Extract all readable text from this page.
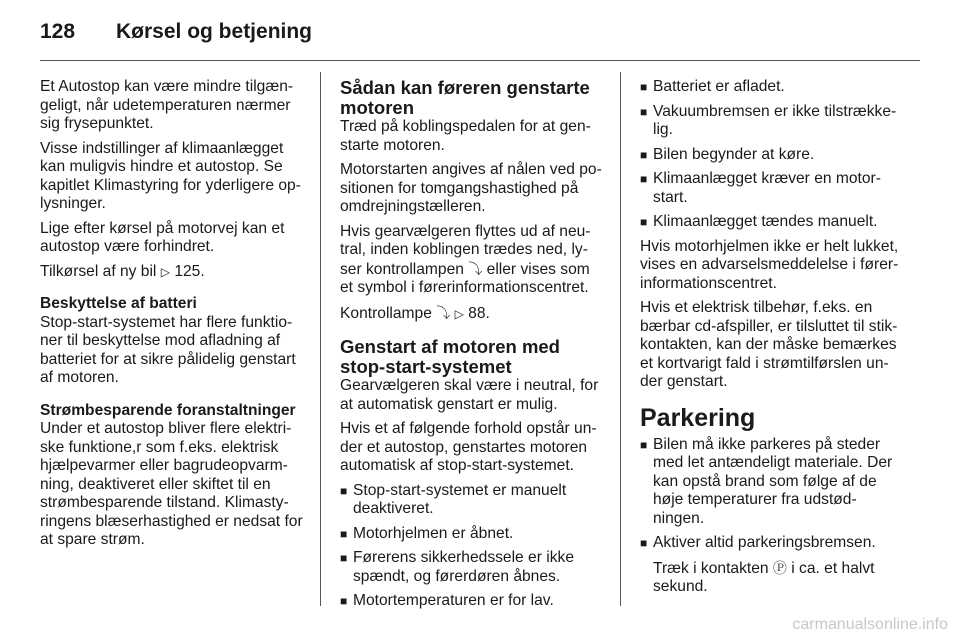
128 Kørsel og betjening

Et Autostop kan være mindre tilgæn-geligt, når udetemperaturen nærmer sig frysepunktet.

Visse indstillinger af klimaanlægget kan muligvis hindre et autostop. Se kapitlet Klimastyring for yderligere op-lysninger.

Lige efter kørsel på motorvej kan et autostop være forhindret.

Tilkørsel af ny bil ▷ 125.

Beskyttelse af batteri

Stop-start-systemet har flere funktio-ner til beskyttelse mod afladning af batteriet for at sikre pålidelig genstart af motoren.

Strømbesparende foranstaltninger

Under et autostop bliver flere elektri-ske funktione,r som f.eks. elektrisk hjælpevarmer eller bagrudeopvarm-ning, deaktiveret eller skiftet til en strømbesparende tilstand. Klimasty-ringens blæserhastighed er nedsat for at spare strøm.

Sådan kan føreren genstarte motoren

Træd på koblingspedalen for at gen-starte motoren.

Motorstarten angives af nålen ved po-sitionen for tomgangshastighed på omdrejningstælleren.

Hvis gearvælgeren flyttes ud af neu-tral, inden koblingen trædes ned, ly-ser kontrollampen ⤵ eller vises som et symbol i førerinformationscentret.

Kontrollampe ⤵ ▷ 88.

Genstart af motoren med stop-start-systemet

Gearvælgeren skal være i neutral, for at automatisk genstart er mulig.

Hvis et af følgende forhold opstår un-der et autostop, genstartes motoren automatisk af stop-start-systemet.

■ Stop-start-systemet er manuelt deaktiveret.
■ Motorhjelmen er åbnet.
■ Førerens sikkerhedssele er ikke spændt, og førerdøren åbnes.
■ Motortemperaturen er for lav.
■ Batteriet er afladet.
■ Vakuumbremsen er ikke tilstrække-lig.
■ Bilen begynder at køre.
■ Klimaanlægget kræver en motor-start.
■ Klimaanlægget tændes manuelt.

Hvis motorhjelmen ikke er helt lukket, vises en advarselsmeddelelse i fører-informationscentret.

Hvis et elektrisk tilbehør, f.eks. en bærbar cd-afspiller, er tilsluttet til stik-kontakten, kan der måske bemærkes et kortvarigt fald i strømtilførslen un-der genstart.

Parkering
■ Bilen må ikke parkeres på steder med let antændeligt materiale. Der kan opstå brand som følge af de høje temperaturer fra udstød-ningen.
■ Aktiver altid parkeringsbremsen.

Træk i kontakten Ⓟ i ca. et halvt sekund.

carmanualsonline.info
